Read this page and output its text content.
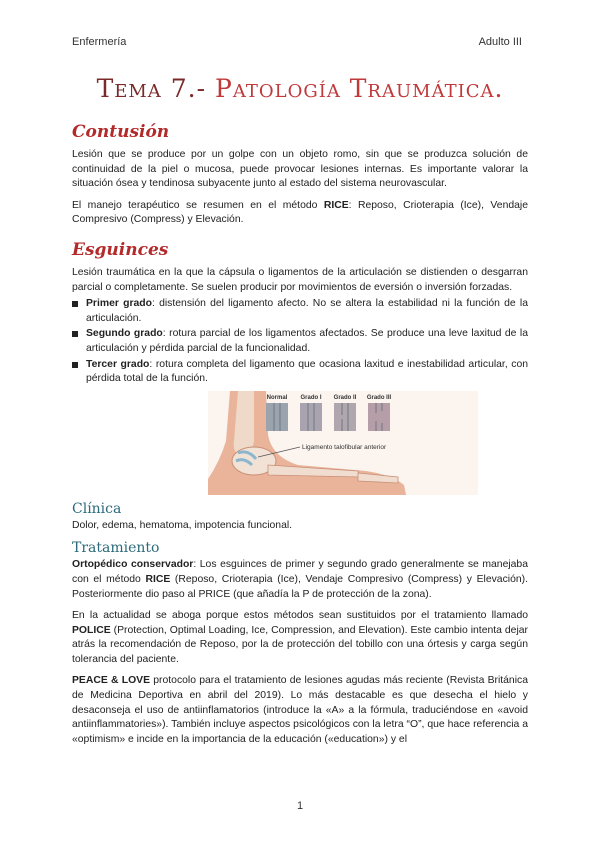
Enfermería	Adulto III
Tema 7.- Patología Traumática.
Contusión

Lesión que se produce por un golpe con un objeto romo, sin que se produzca solución de continuidad de la piel o mucosa, puede provocar lesiones internas. Es importante valorar la situación ósea y tendinosa subyacente junto al estado del sistema neurovascular.

El manejo terapéutico se resumen en el método RICE: Reposo, Crioterapia (Ice), Vendaje Compresivo (Compress) y Elevación.

Esguinces

Lesión traumática en la que la cápsula o ligamentos de la articulación se distienden o desgarran parcial o completamente. Se suelen producir por movimientos de eversión o inversión forzadas.

Primer grado: distensión del ligamento afecto. No se altera la estabilidad ni la función de la articulación.
Segundo grado: rotura parcial de los ligamentos afectados. Se produce una leve laxitud de la articulación y pérdida parcial de la funcionalidad.
Tercer grado: rotura completa del ligamento que ocasiona laxitud e inestabilidad articular, con pérdida total de la función.
Ligamento talofibular anterior
Normal Grado I Grado II Grado III
Clínica

Dolor, edema, hematoma, impotencia funcional.

Tratamiento

Ortopédico conservador: Los esguinces de primer y segundo grado generalmente se manejaba con el método RICE (Reposo, Crioterapia (Ice), Vendaje Compresivo (Compress) y Elevación). Posteriormente dio paso al PRICE (que añadía la P de protección de la zona).

En la actualidad se aboga porque estos métodos sean sustituidos por el tratamiento llamado POLICE (Protection, Optimal Loading, Ice, Compression, and Elevation). Este cambio intenta dejar atrás la recomendación de Reposo, por la de protección del tobillo con una órtesis y carga según tolerancia del paciente.

PEACE & LOVE protocolo para el tratamiento de lesiones agudas más reciente (Revista Británica de Medicina Deportiva en abril del 2019). Lo más destacable es que desecha el hielo y desaconseja el uso de antiinflamatorios (introduce la «A» a la fórmula, traduciéndose en «avoid antiinflammatories»). También incluye aspectos psicológicos con la letra “O”, que hace referencia a «optimism» e incide en la importancia de la educación («education») y el

1
